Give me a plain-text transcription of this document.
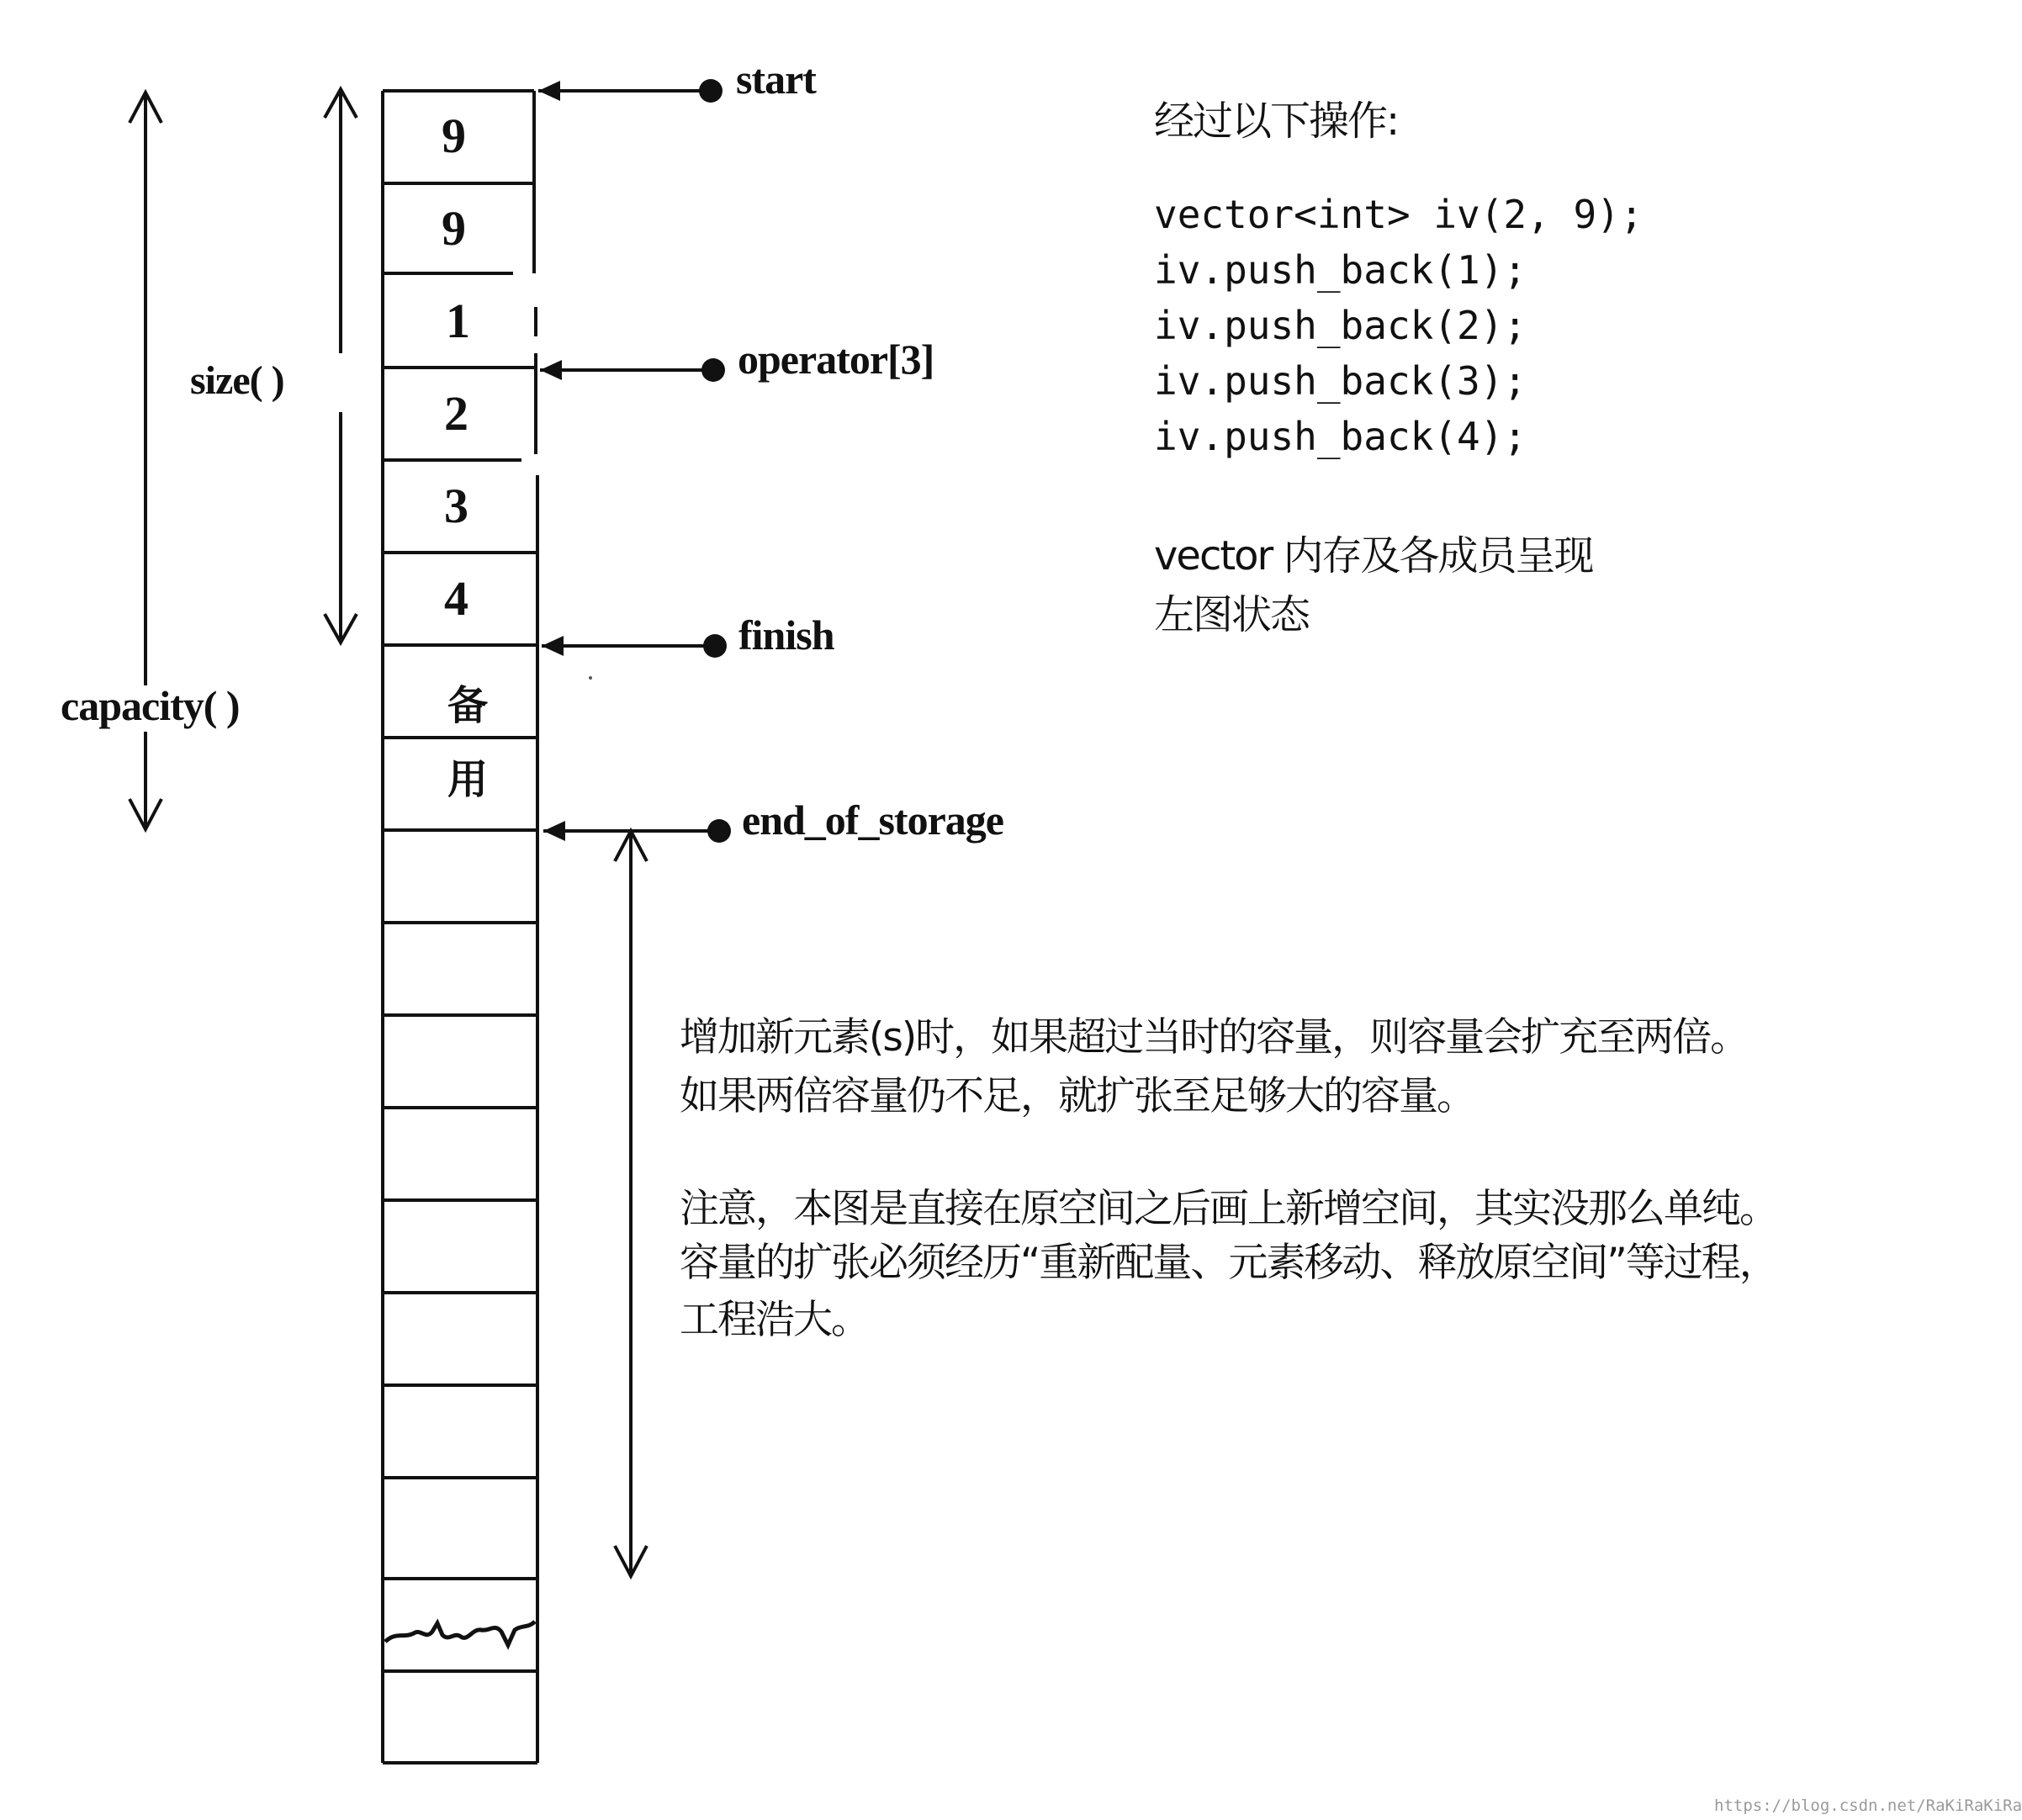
9
9
1
2
3
4
备
用
start
operator[3]
finish
end_of_storage
size( )
capacity( )
经过以下操作:
vector<int> iv(2, 9);
iv.push_back(1);
iv.push_back(2);
iv.push_back(3);
iv.push_back(4);
vector 内存及各成员呈现
左图状态
增加新元素(s)时，如果超过当时的容量，则容量会扩充至两倍。
如果两倍容量仍不足，就扩张至足够大的容量。
注意，本图是直接在原空间之后画上新增空间，其实没那么单纯。
容量的扩张必须经历“重新配量、元素移动、释放原空间”等过程，
工程浩大。
https://blog.csdn.net/RaKiRaKiRa
